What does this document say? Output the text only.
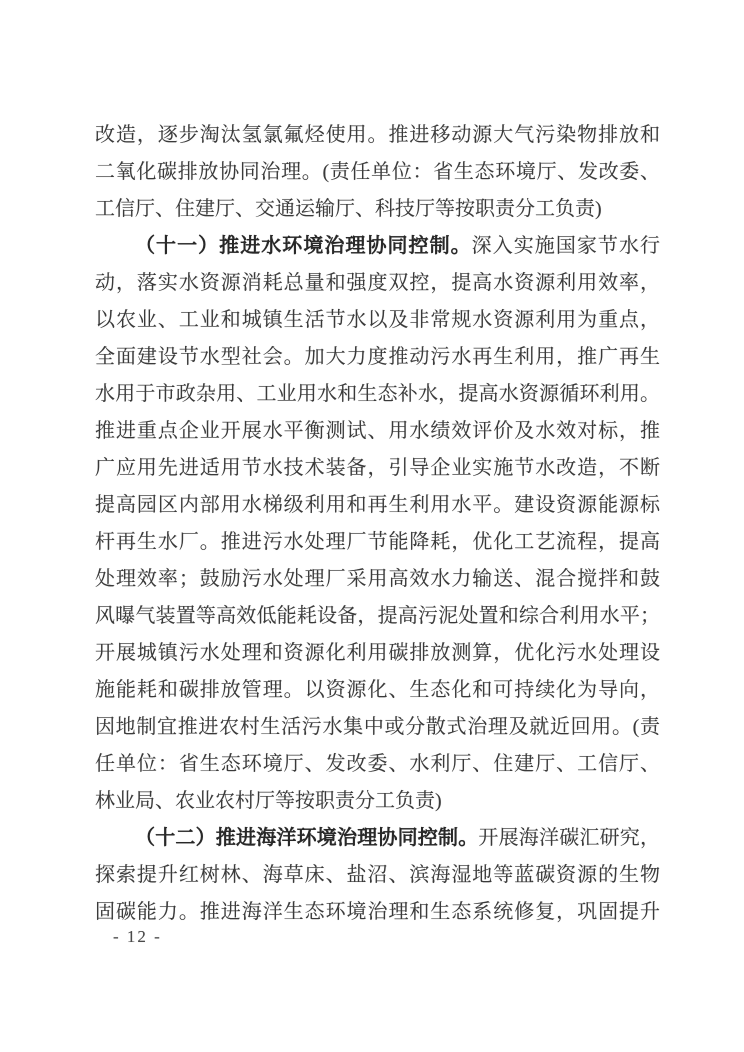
改造，逐步淘汰氢氯氟烃使用。推进移动源大气污染物排放和
二氧化碳排放协同治理。(责任单位：省生态环境厅、发改委、
工信厅、住建厅、交通运输厅、科技厅等按职责分工负责)
（十一）推进水环境治理协同控制。深入实施国家节水行
动，落实水资源消耗总量和强度双控，提高水资源利用效率，
以农业、工业和城镇生活节水以及非常规水资源利用为重点，
全面建设节水型社会。加大力度推动污水再生利用，推广再生
水用于市政杂用、工业用水和生态补水，提高水资源循环利用。
推进重点企业开展水平衡测试、用水绩效评价及水效对标，推
广应用先进适用节水技术装备，引导企业实施节水改造，不断
提高园区内部用水梯级利用和再生利用水平。建设资源能源标
杆再生水厂。推进污水处理厂节能降耗，优化工艺流程，提高
处理效率；鼓励污水处理厂采用高效水力输送、混合搅拌和鼓
风曝气装置等高效低能耗设备，提高污泥处置和综合利用水平；
开展城镇污水处理和资源化利用碳排放测算，优化污水处理设
施能耗和碳排放管理。以资源化、生态化和可持续化为导向，
因地制宜推进农村生活污水集中或分散式治理及就近回用。(责
任单位：省生态环境厅、发改委、水利厅、住建厅、工信厅、
林业局、农业农村厅等按职责分工负责)
（十二）推进海洋环境治理协同控制。开展海洋碳汇研究，
探索提升红树林、海草床、盐沼、滨海湿地等蓝碳资源的生物
固碳能力。推进海洋生态环境治理和生态系统修复，巩固提升
- 12 -
